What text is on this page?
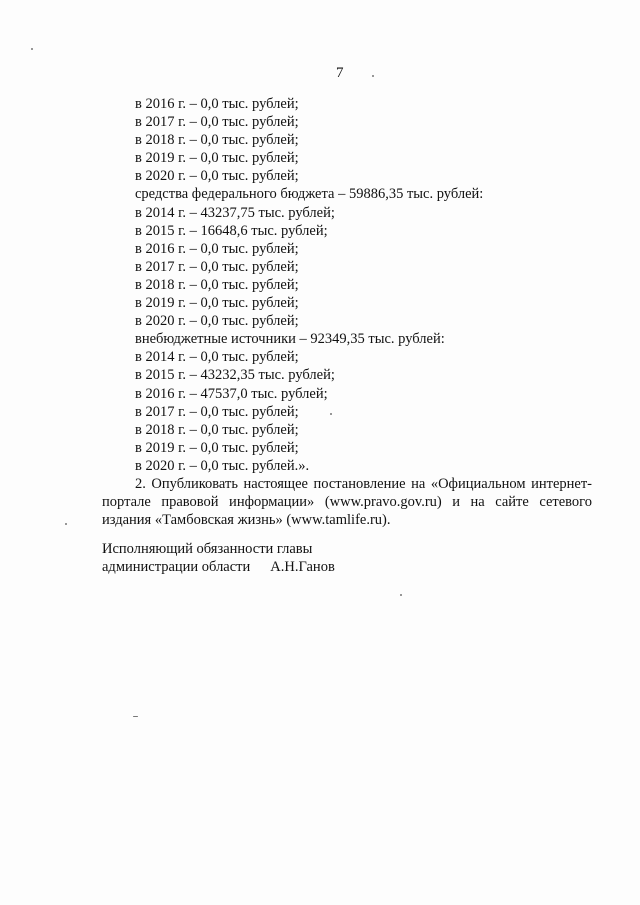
7
в 2016 г. – 0,0 тыс. рублей;
в 2017 г. – 0,0 тыс. рублей;
в 2018 г. – 0,0 тыс. рублей;
в 2019 г. – 0,0 тыс. рублей;
в 2020 г. – 0,0 тыс. рублей;
средства федерального бюджета – 59886,35 тыс. рублей:
в 2014 г. – 43237,75 тыс. рублей;
в 2015 г. – 16648,6 тыс. рублей;
в 2016 г. – 0,0 тыс. рублей;
в 2017 г. – 0,0 тыс. рублей;
в 2018 г. – 0,0 тыс. рублей;
в 2019 г. – 0,0 тыс. рублей;
в 2020 г. – 0,0 тыс. рублей;
внебюджетные источники – 92349,35 тыс. рублей:
в 2014 г. – 0,0 тыс. рублей;
в 2015 г. – 43232,35 тыс. рублей;
в 2016 г. – 47537,0 тыс. рублей;
в 2017 г. – 0,0 тыс. рублей;
в 2018 г. – 0,0 тыс. рублей;
в 2019 г. – 0,0 тыс. рублей;
в 2020 г. – 0,0 тыс. рублей.».

2. Опубликовать настоящее постановление на «Официальном интернет-портале правовой информации» (www.pravo.gov.ru) и на сайте сетевого издания «Тамбовская жизнь» (www.tamlife.ru).

Исполняющий обязанности главы
администрации области А.Н.Ганов
